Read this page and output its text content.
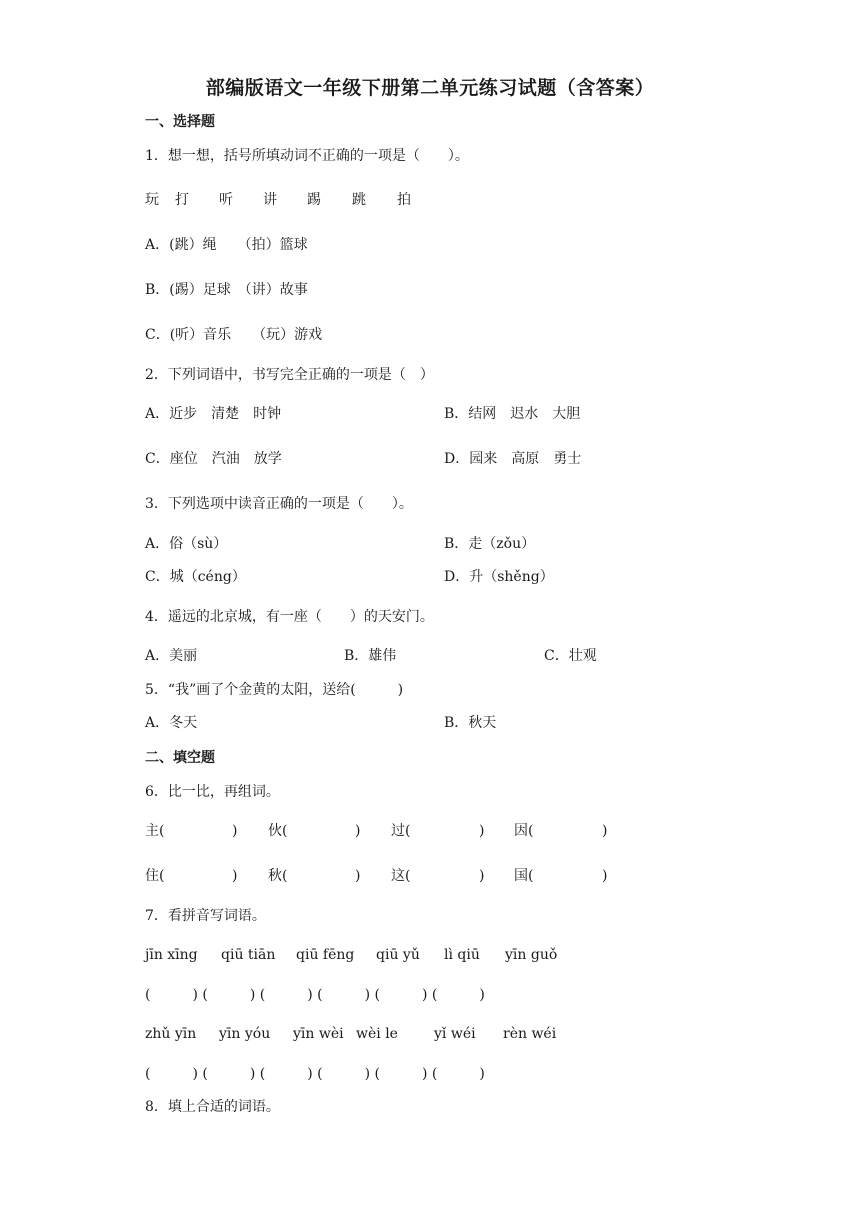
部编版语文一年级下册第二单元练习试题（含答案）
一、选择题
1．想一想，括号所填动词不正确的一项是（　　）。
玩 打 听 讲 踢 跳 拍
A．(跳）绳　　（拍）篮球
B．(踢）足球　（讲）故事
C．(听）音乐　　（玩）游戏
2．下列词语中，书写完全正确的一项是（　）
A．近步　清楚　时钟	B．结网　迟水　大胆
C．座位　汽油　放学	D．园来　高原　勇士
3．下列选项中读音正确的一项是（　　）。
A．俗（sù）	B．走（zǒu）
C．城（céng）	D．升（shěng）
4．遥远的北京城，有一座（　　）的天安门。
A．美丽	B．雄伟	C．壮观
5．“我”画了个金黄的太阳，送给(　　　)
A．冬天	B．秋天
二、填空题
6．比一比，再组词。
主(	) 伙(	) 过(	) 因(	)
住(	) 秋(	) 这(	) 国(	)
7．看拼音写词语。
jīn xīng qiū tiān qiū fēng qiū yǔ lì qiū yīn guǒ
(　　　) (　　　) (　　　) (　　　) (　　　) (　　　)
zhǔ yīn yīn yóu yīn wèi wèi le	yǐ wéi rèn wéi
(　　　) (　　　) (　　　) (　　　) (　　　) (　　　)
8．填上合适的词语。
